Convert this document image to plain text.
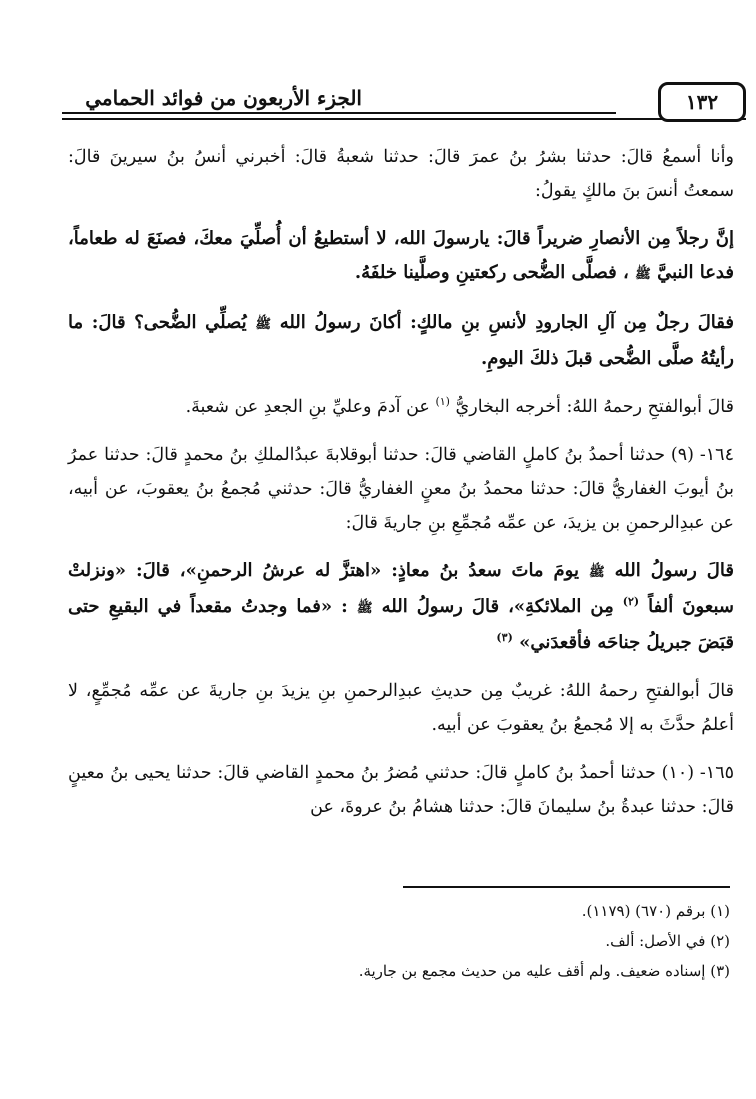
الجزء الأربعون من فوائد الحمامي	١٣٢

وأنا أسمعُ قالَ: حدثنا بشرُ بنُ عمرَ قالَ: حدثنا شعبةُ قالَ: أخبرني أنسُ بنُ سيرينَ قالَ: سمعتُ أنسَ بنَ مالكٍ يقولُ:

إنَّ رجلاً مِن الأنصارِ ضريراً قالَ: يارسولَ الله، لا أستطيعُ أن أُصلِّيَ معكَ، فصنَعَ له طعاماً، فدعا النبيَّ ﷺ ، فصلَّى الضُّحى ركعتينِ وصلَّينا خلفَهُ.

فقالَ رجلٌ مِن آلِ الجارودِ لأنسِ بنِ مالكٍ: أكانَ رسولُ الله ﷺ يُصلِّي الضُّحى؟ قالَ: ما رأيتُهُ صلَّى الضُّحى قبلَ ذلكَ اليومِ.

قالَ أبوالفتحِ رحمهُ اللهُ: أخرجه البخاريُّ $^{(١)}$ عن آدمَ وعليِّ بنِ الجعدِ عن شعبةَ.

١٦٤- (٩) حدثنا أحمدُ بنُ كاملٍ القاضي قالَ: حدثنا أبوقلابةَ عبدُالملكِ بنُ محمدٍ قالَ: حدثنا عمرُ بنُ أيوبَ الغفاريُّ قالَ: حدثنا محمدُ بنُ معنٍ الغفاريُّ قالَ: حدثني مُجمعُ بنُ يعقوبَ، عن أبيه، عن عبدِالرحمنِ بن يزيدَ، عن عمِّه مُجمِّعِ بنِ جاريةَ قالَ:

قالَ رسولُ الله ﷺ يومَ ماتَ سعدُ بنُ معاذٍ: «اهتزَّ له عرشُ الرحمنِ»، قالَ: «ونزلتْ سبعونَ ألفاً $^{(٢)}$ مِن الملائكةِ»، قالَ رسولُ الله ﷺ : «فما وجدتُ مقعداً في البقيعِ حتى قبَضَ جبريلُ جناحَه فأقعدَني» $^{(٣)}$

قالَ أبوالفتحِ رحمهُ اللهُ: غريبٌ مِن حديثِ عبدِالرحمنِ بنِ يزيدَ بنِ جاريةَ عن عمِّه مُجمِّعٍ، لا أعلمُ حدَّثَ به إلا مُجمعُ بنُ يعقوبَ عن أبيه.

١٦٥- (١٠) حدثنا أحمدُ بنُ كاملٍ قالَ: حدثني مُضرُ بنُ محمدٍ القاضي قالَ: حدثنا يحيى بنُ معينٍ قالَ: حدثنا عبدةُ بنُ سليمانَ قالَ: حدثنا هشامُ بنُ عروةَ، عن

(١) برقم (٦٧٠) (١١٧٩).

(٢) في الأصل: ألف.

(٣) إسناده ضعيف. ولم أقف عليه من حديث مجمع بن جارية.
